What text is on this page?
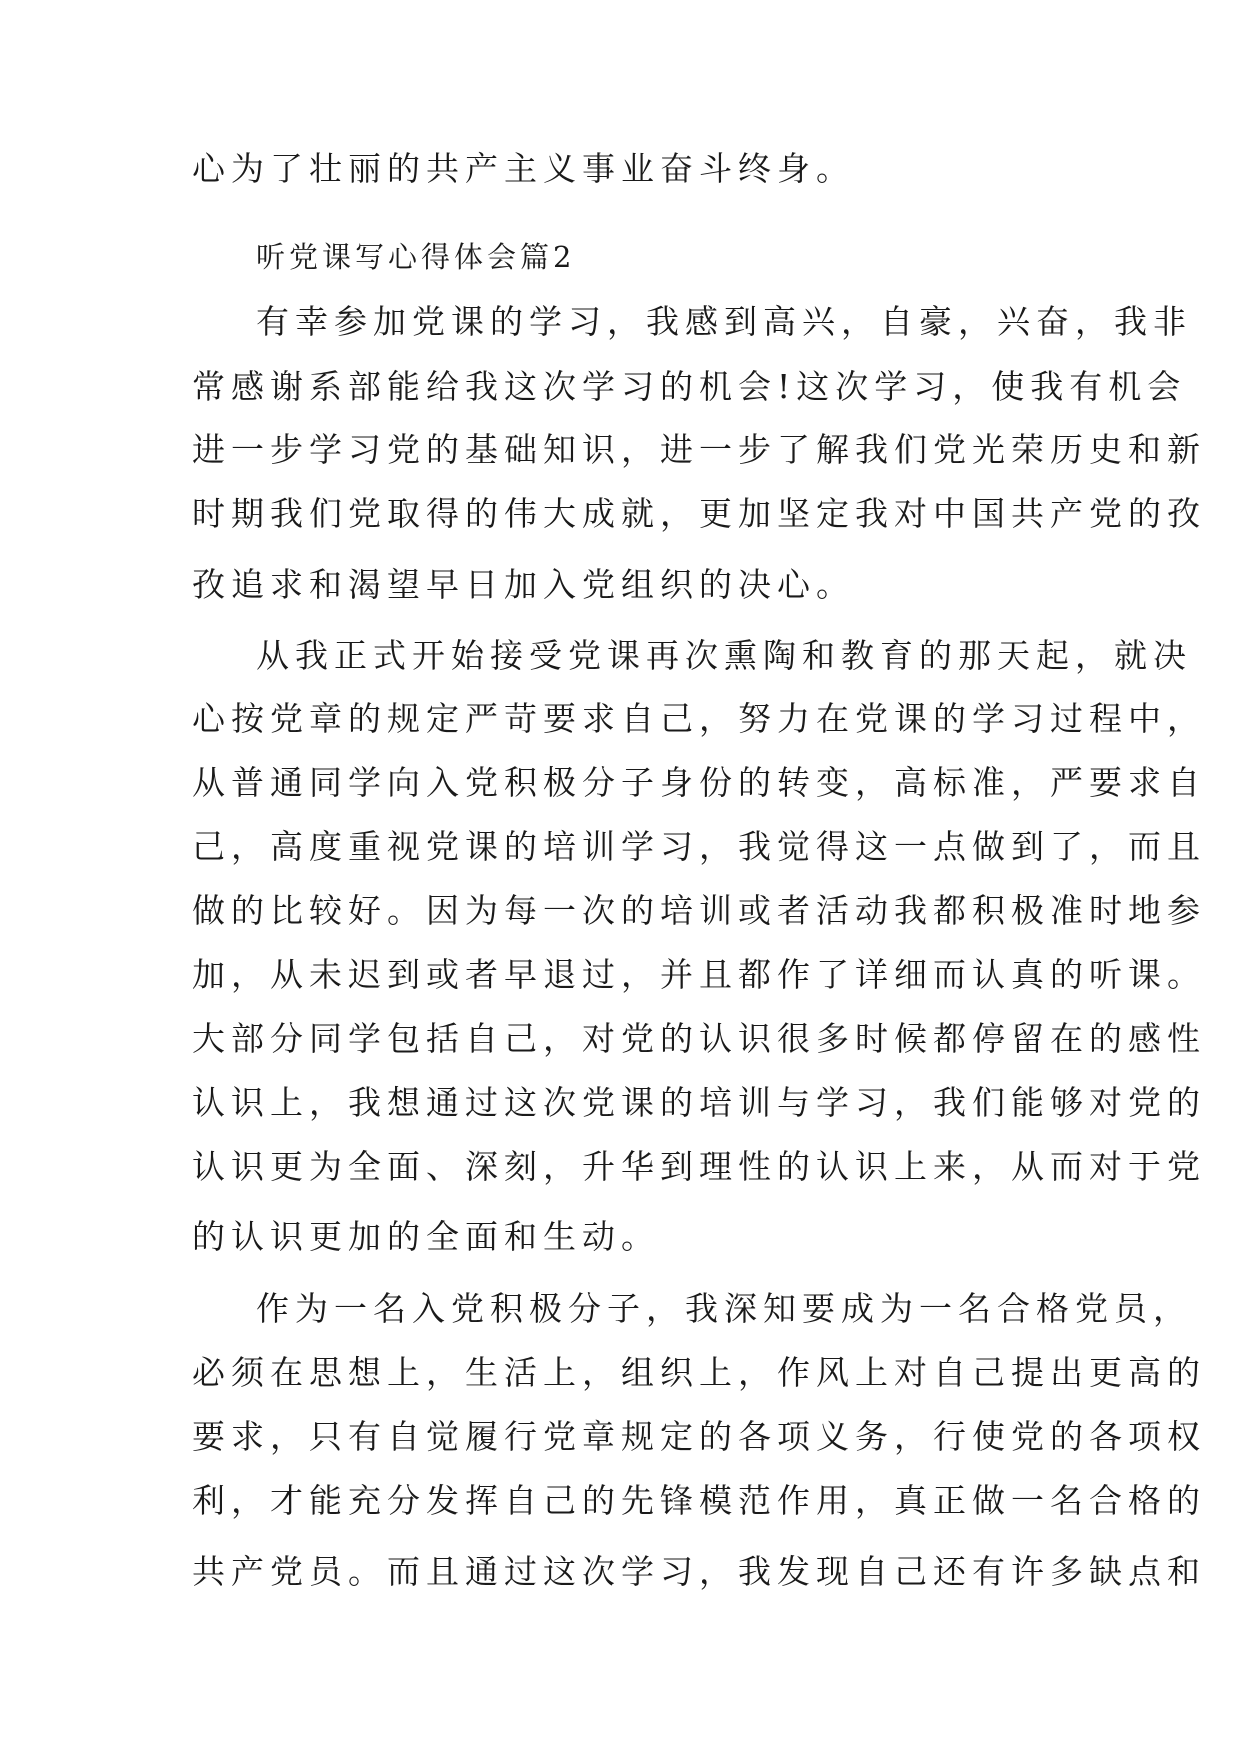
心为了壮丽的共产主义事业奋斗终身。
听党课写心得体会篇2
有幸参加党课的学习，我感到高兴，自豪，兴奋，我非
常感谢系部能给我这次学习的机会!这次学习，使我有机会
进一步学习党的基础知识，进一步了解我们党光荣历史和新
时期我们党取得的伟大成就，更加坚定我对中国共产党的孜
孜追求和渴望早日加入党组织的决心。
从我正式开始接受党课再次熏陶和教育的那天起，就决
心按党章的规定严苛要求自己，努力在党课的学习过程中，
从普通同学向入党积极分子身份的转变，高标准，严要求自
己，高度重视党课的培训学习，我觉得这一点做到了，而且
做的比较好。因为每一次的培训或者活动我都积极准时地参
加，从未迟到或者早退过，并且都作了详细而认真的听课。
大部分同学包括自己，对党的认识很多时候都停留在的感性
认识上，我想通过这次党课的培训与学习，我们能够对党的
认识更为全面、深刻，升华到理性的认识上来，从而对于党
的认识更加的全面和生动。
作为一名入党积极分子，我深知要成为一名合格党员，
必须在思想上，生活上，组织上，作风上对自己提出更高的
要求，只有自觉履行党章规定的各项义务，行使党的各项权
利，才能充分发挥自己的先锋模范作用，真正做一名合格的
共产党员。而且通过这次学习，我发现自己还有许多缺点和
